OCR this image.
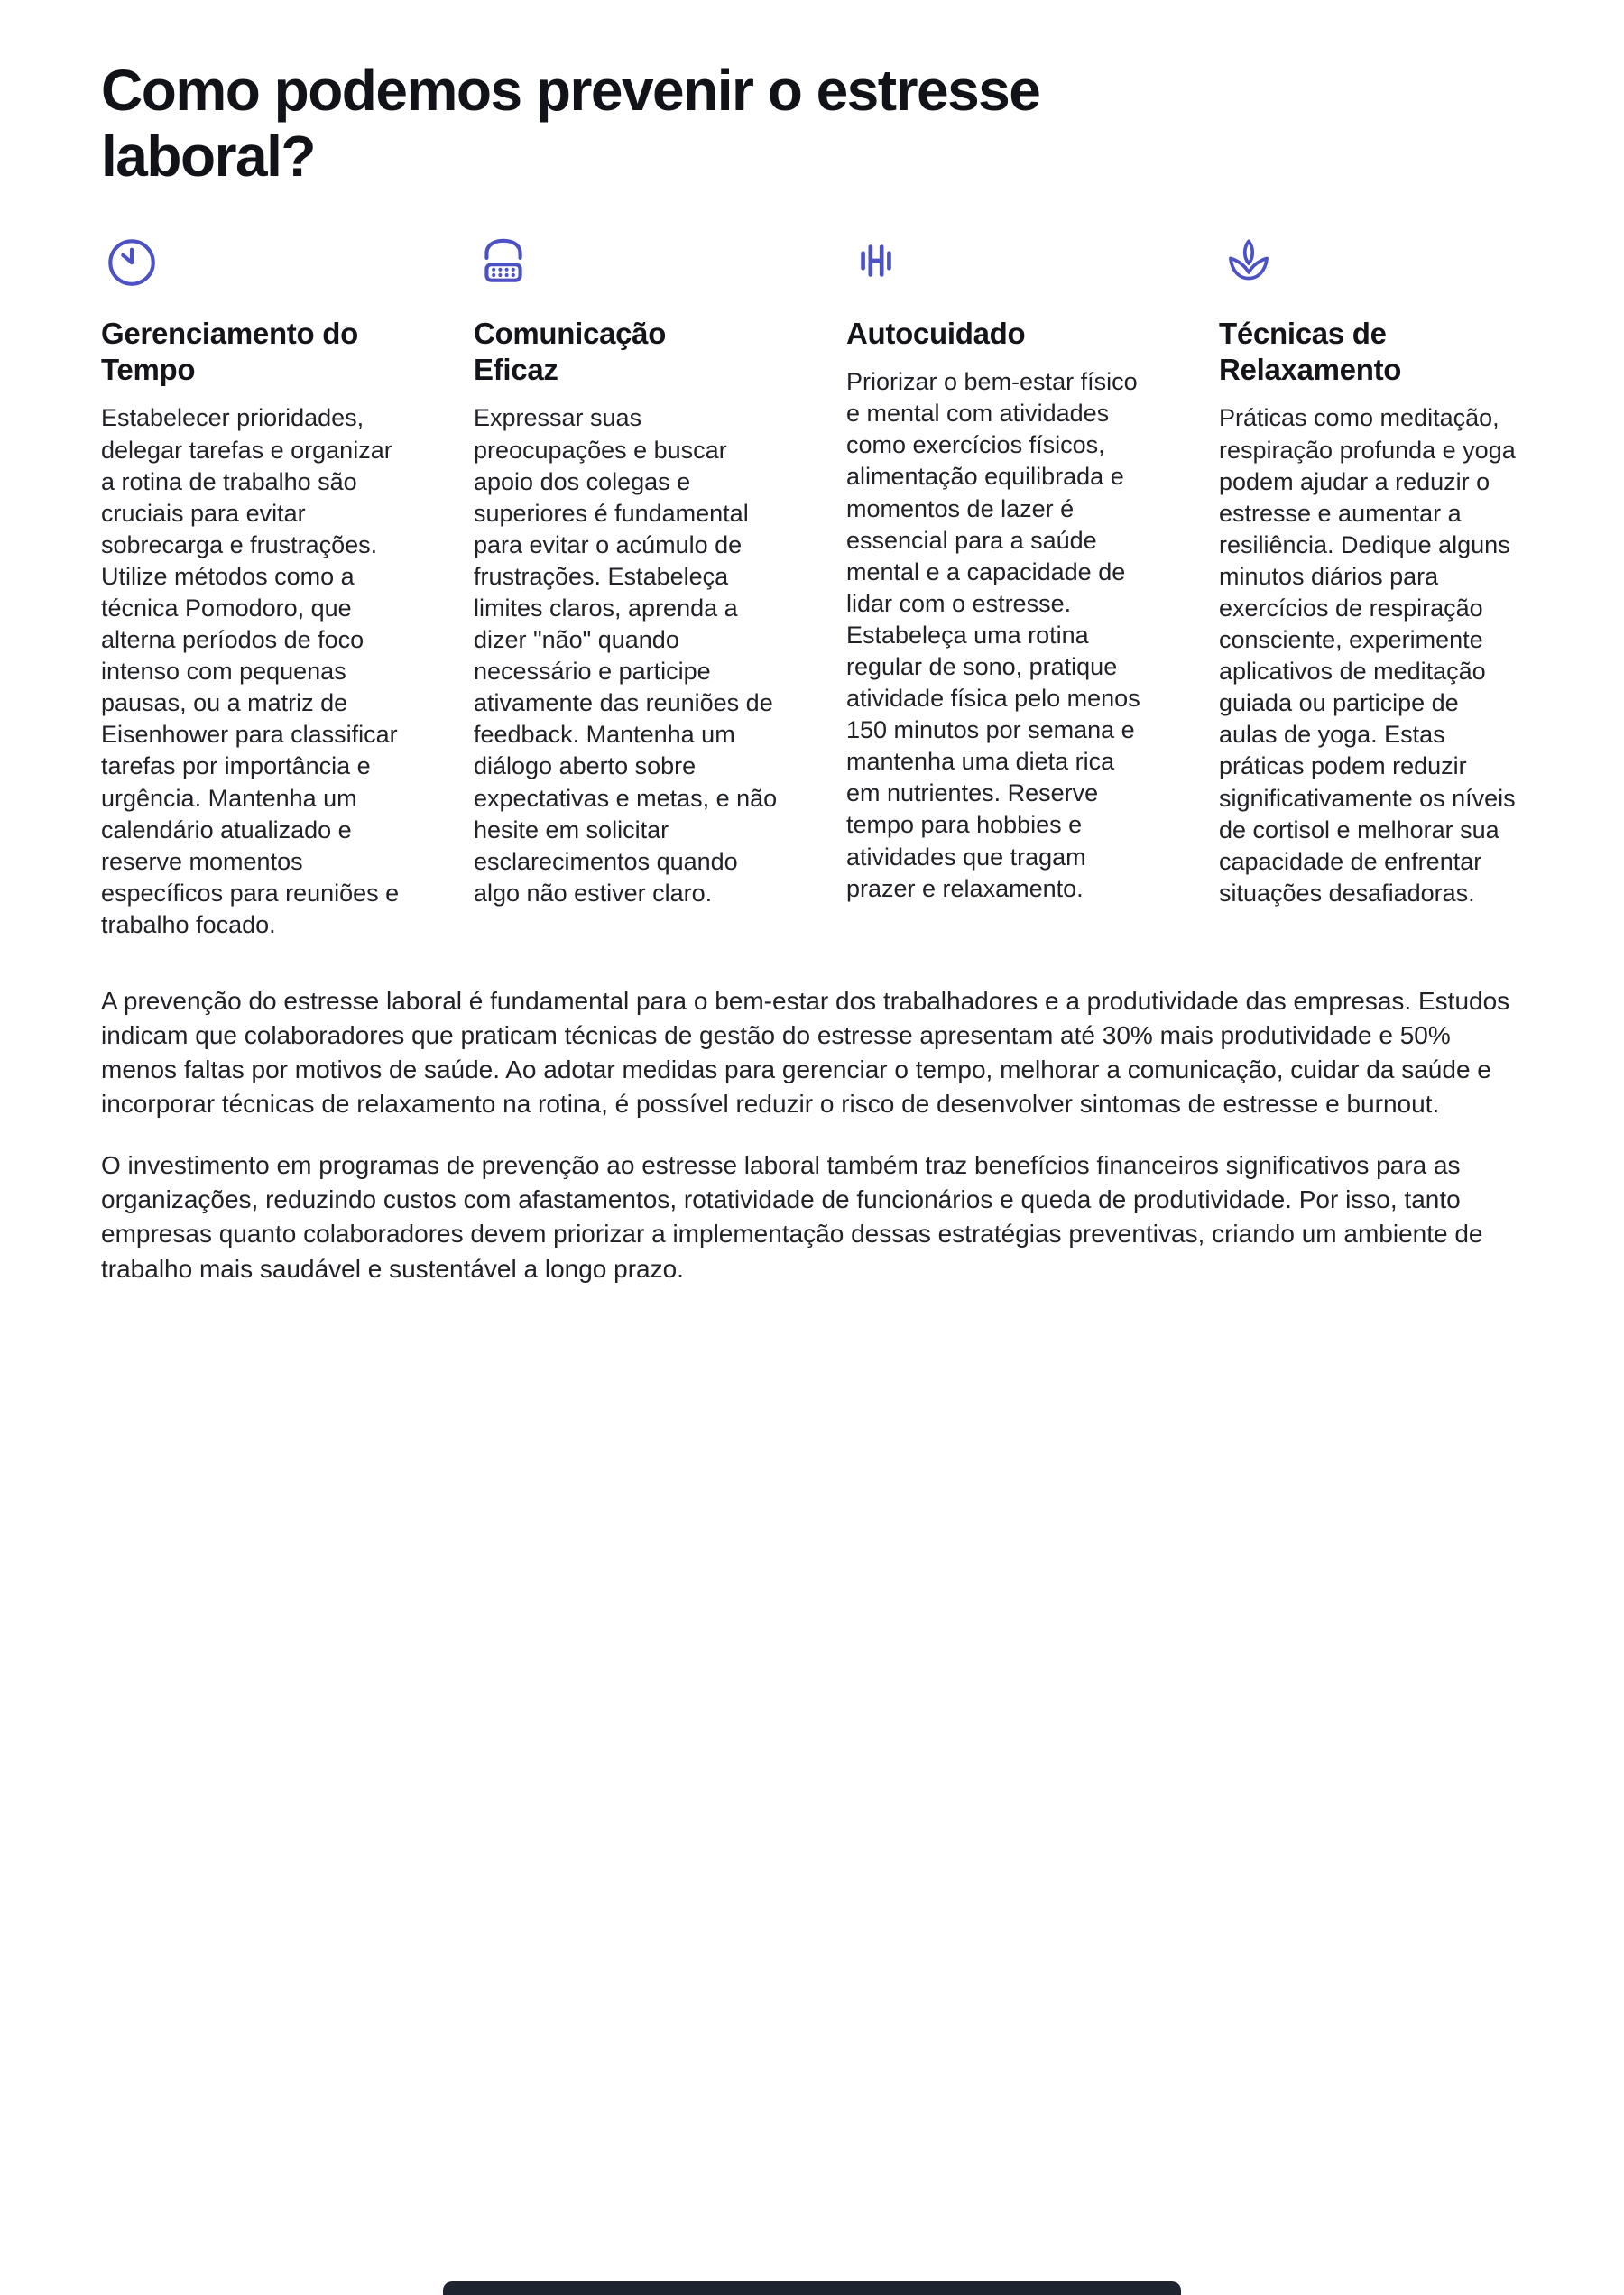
Como podemos prevenir o estresse laboral?
Gerenciamento do Tempo

Estabelecer prioridades, delegar tarefas e organizar a rotina de trabalho são cruciais para evitar sobrecarga e frustrações. Utilize métodos como a técnica Pomodoro, que alterna períodos de foco intenso com pequenas pausas, ou a matriz de Eisenhower para classificar tarefas por importância e urgência. Mantenha um calendário atualizado e reserve momentos específicos para reuniões e trabalho focado.

Comunicação Eficaz

Expressar suas preocupações e buscar apoio dos colegas e superiores é fundamental para evitar o acúmulo de frustrações. Estabeleça limites claros, aprenda a dizer "não" quando necessário e participe ativamente das reuniões de feedback. Mantenha um diálogo aberto sobre expectativas e metas, e não hesite em solicitar esclarecimentos quando algo não estiver claro.

Autocuidado

Priorizar o bem-estar físico e mental com atividades como exercícios físicos, alimentação equilibrada e momentos de lazer é essencial para a saúde mental e a capacidade de lidar com o estresse. Estabeleça uma rotina regular de sono, pratique atividade física pelo menos 150 minutos por semana e mantenha uma dieta rica em nutrientes. Reserve tempo para hobbies e atividades que tragam prazer e relaxamento.

Técnicas de Relaxamento

Práticas como meditação, respiração profunda e yoga podem ajudar a reduzir o estresse e aumentar a resiliência. Dedique alguns minutos diários para exercícios de respiração consciente, experimente aplicativos de meditação guiada ou participe de aulas de yoga. Estas práticas podem reduzir significativamente os níveis de cortisol e melhorar sua capacidade de enfrentar situações desafiadoras.

A prevenção do estresse laboral é fundamental para o bem-estar dos trabalhadores e a produtividade das empresas. Estudos indicam que colaboradores que praticam técnicas de gestão do estresse apresentam até 30% mais produtividade e 50% menos faltas por motivos de saúde. Ao adotar medidas para gerenciar o tempo, melhorar a comunicação, cuidar da saúde e incorporar técnicas de relaxamento na rotina, é possível reduzir o risco de desenvolver sintomas de estresse e burnout.

O investimento em programas de prevenção ao estresse laboral também traz benefícios financeiros significativos para as organizações, reduzindo custos com afastamentos, rotatividade de funcionários e queda de produtividade. Por isso, tanto empresas quanto colaboradores devem priorizar a implementação dessas estratégias preventivas, criando um ambiente de trabalho mais saudável e sustentável a longo prazo.
